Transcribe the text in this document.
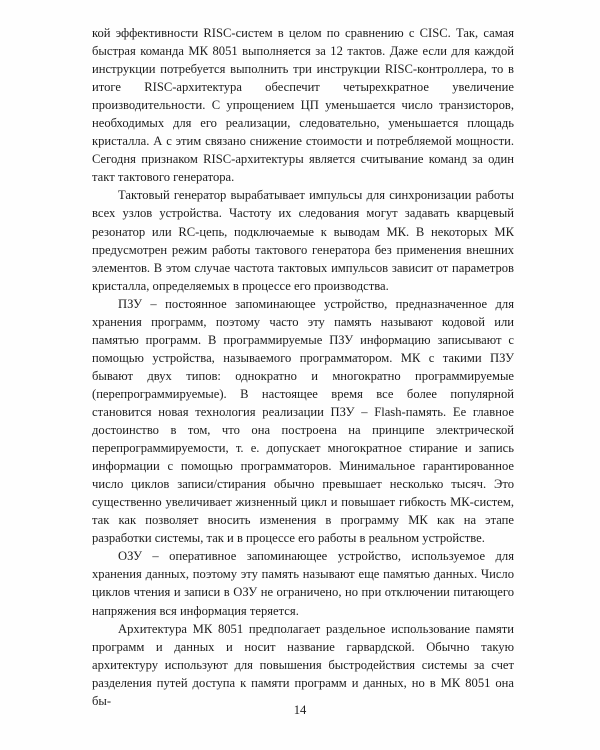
кой эффективности RISC-систем в целом по сравнению с CISC. Так, самая быстрая команда МК 8051 выполняется за 12 тактов. Даже если для каждой инструкции потребуется выполнить три инструкции RISC-контроллера, то в итоге RISC-архитектура обеспечит четырехкратное увеличение производительности. С упрощением ЦП уменьшается число транзисторов, необходимых для его реализации, следовательно, уменьшается площадь кристалла. А с этим связано снижение стоимости и потребляемой мощности. Сегодня признаком RISC-архитектуры является считывание команд за один такт тактового генератора.

Тактовый генератор вырабатывает импульсы для синхронизации работы всех узлов устройства. Частоту их следования могут задавать кварцевый резонатор или RC-цепь, подключаемые к выводам МК. В некоторых МК предусмотрен режим работы тактового генератора без применения внешних элементов. В этом случае частота тактовых импульсов зависит от параметров кристалла, определяемых в процессе его производства.

ПЗУ – постоянное запоминающее устройство, предназначенное для хранения программ, поэтому часто эту память называют кодовой или памятью программ. В программируемые ПЗУ информацию записывают с помощью устройства, называемого программатором. МК с такими ПЗУ бывают двух типов: однократно и многократно программируемые (перепрограммируемые). В настоящее время все более популярной становится новая технология реализации ПЗУ – Flash-память. Ее главное достоинство в том, что она построена на принципе электрической перепрограммируемости, т. е. допускает многократное стирание и запись информации с помощью программаторов. Минимальное гарантированное число циклов записи/стирания обычно превышает несколько тысяч. Это существенно увеличивает жизненный цикл и повышает гибкость МК-систем, так как позволяет вносить изменения в программу МК как на этапе разработки системы, так и в процессе его работы в реальном устройстве.

ОЗУ – оперативное запоминающее устройство, используемое для хранения данных, поэтому эту память называют еще памятью данных. Число циклов чтения и записи в ОЗУ не ограничено, но при отключении питающего напряжения вся информация теряется.

Архитектура МК 8051 предполагает раздельное использование памяти программ и данных и носит название гарвардской. Обычно такую архитектуру используют для повышения быстродействия системы за счет разделения путей доступа к памяти программ и данных, но в МК 8051 она бы-

14
